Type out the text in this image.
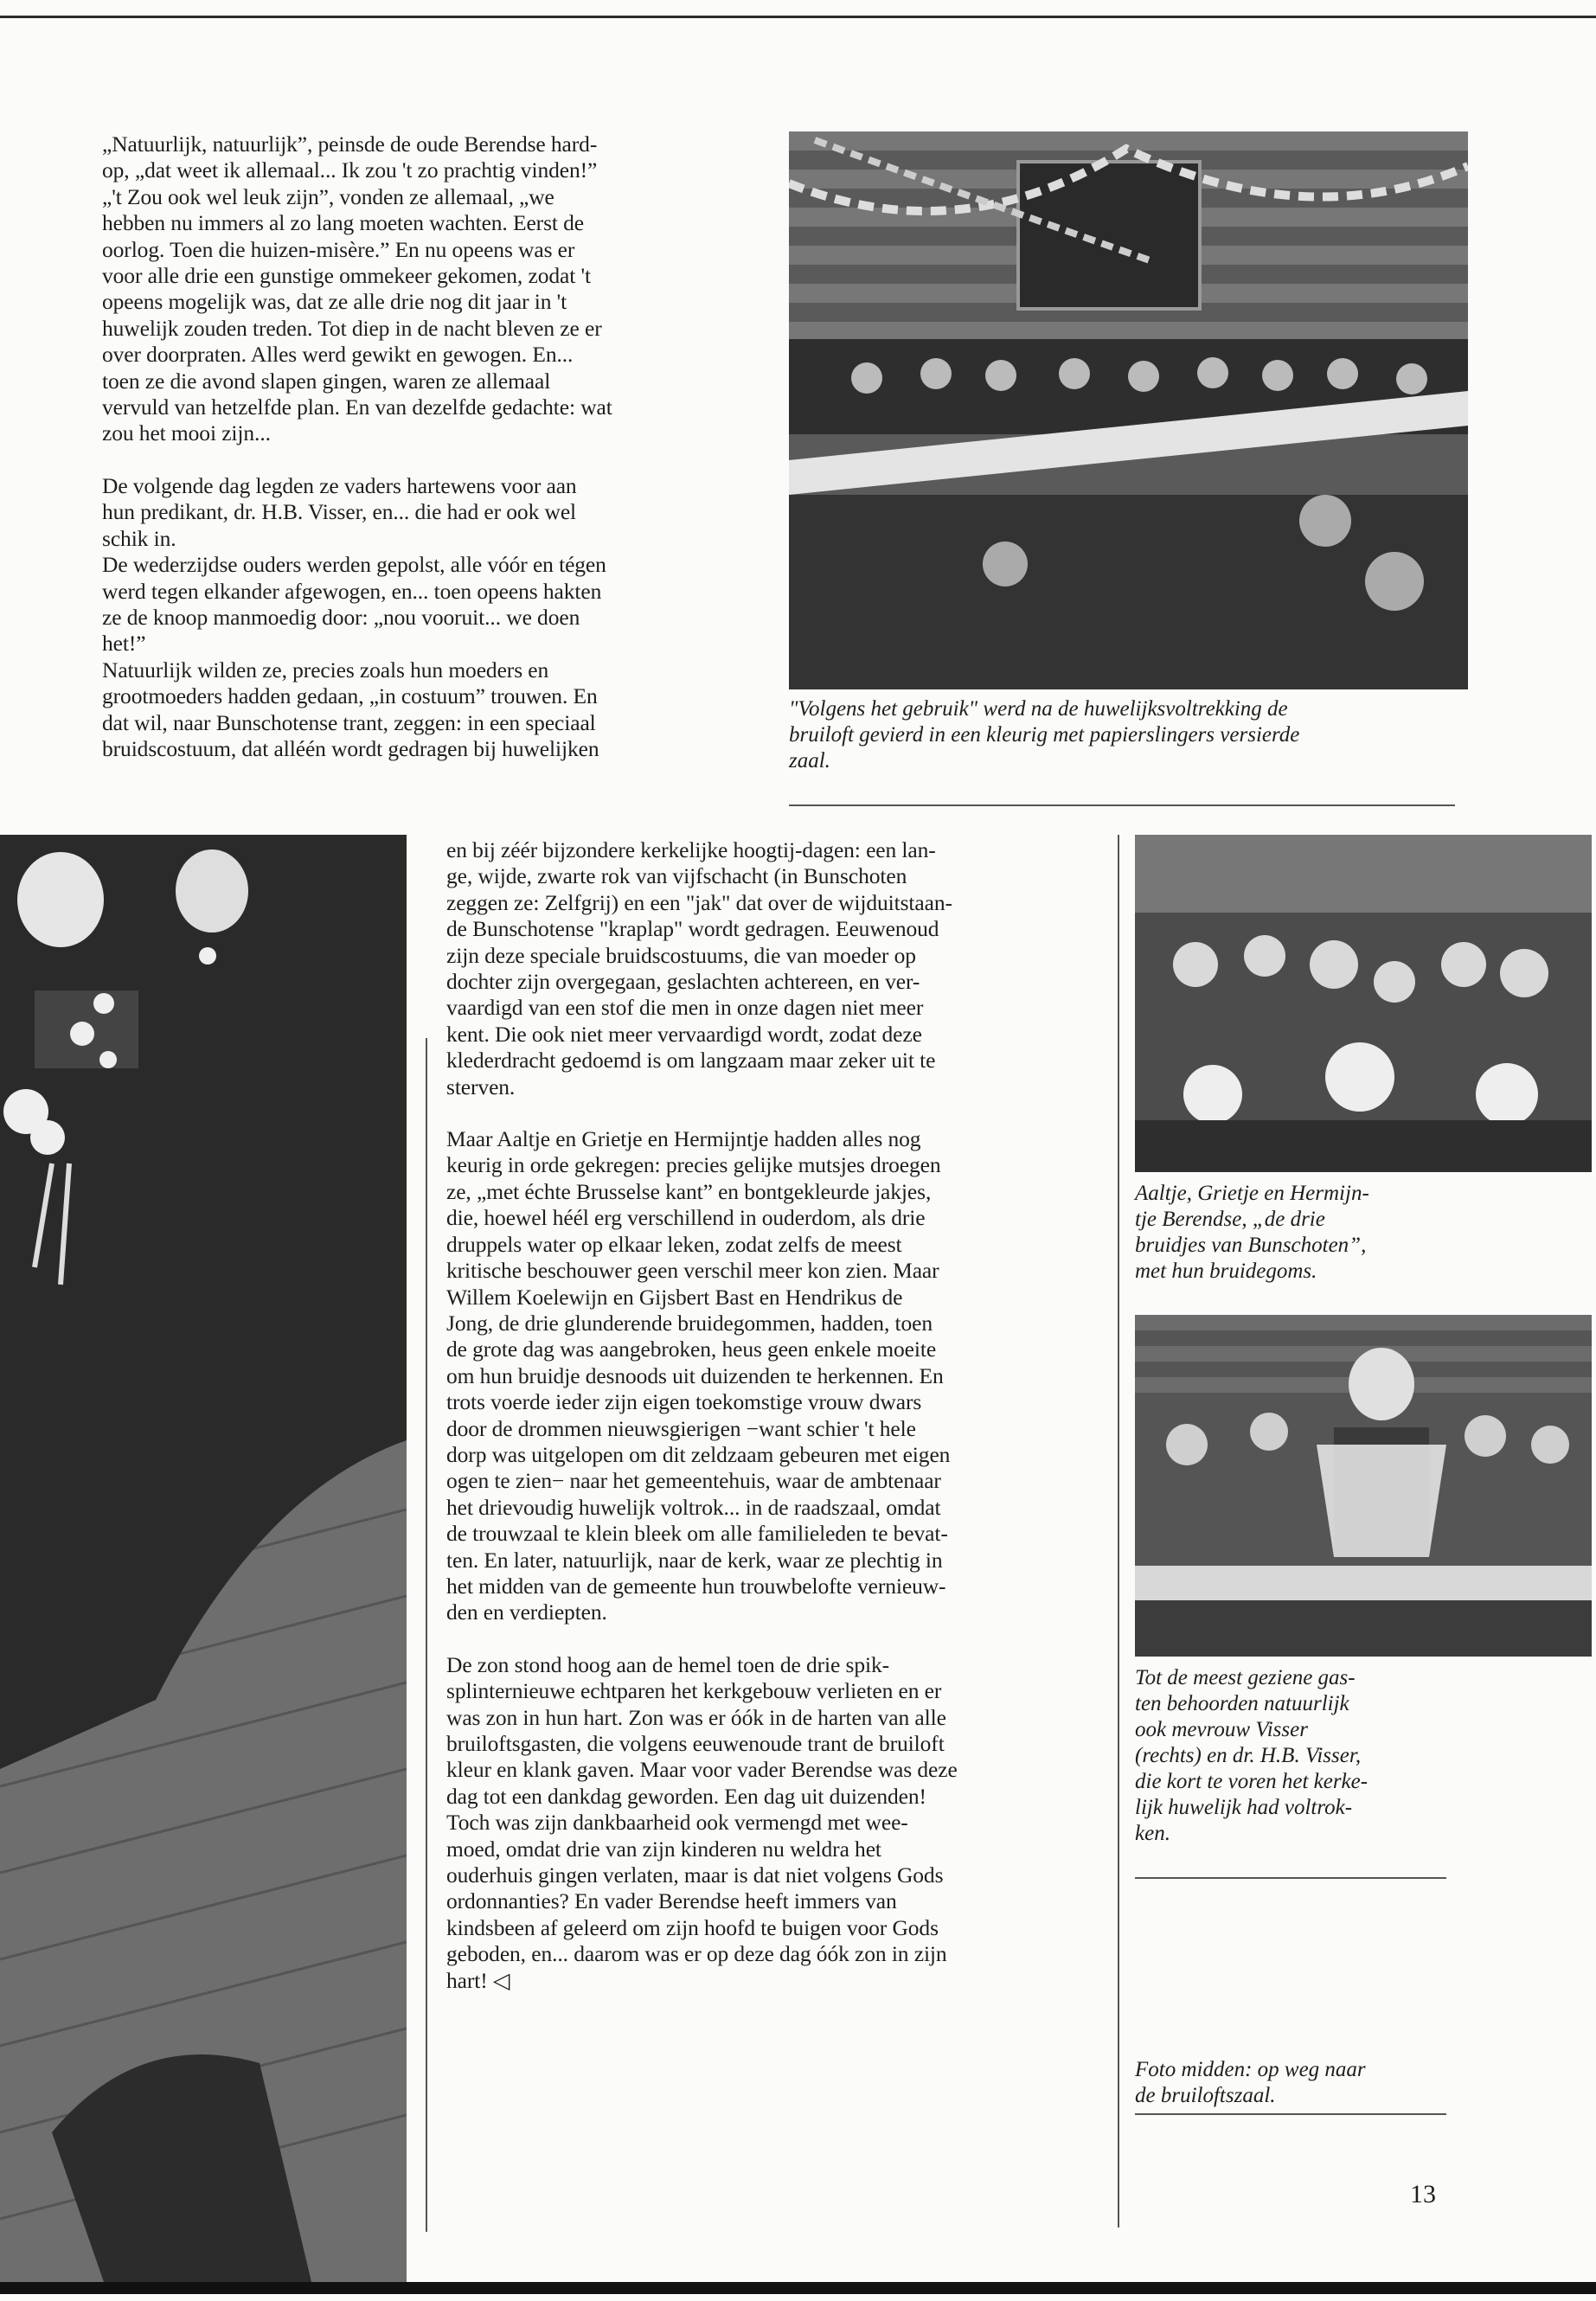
„Natuurlijk, natuurlijk”, peinsde de oude Berendse hard-
op, „dat weet ik allemaal... Ik zou 't zo prachtig vinden!”
„'t Zou ook wel leuk zijn”, vonden ze allemaal, „we
hebben nu immers al zo lang moeten wachten. Eerst de
oorlog. Toen die huizen-misère.” En nu opeens was er
voor alle drie een gunstige ommekeer gekomen, zodat 't
opeens mogelijk was, dat ze alle drie nog dit jaar in 't
huwelijk zouden treden. Tot diep in de nacht bleven ze er
over doorpraten. Alles werd gewikt en gewogen. En...
toen ze die avond slapen gingen, waren ze allemaal
vervuld van hetzelfde plan. En van dezelfde gedachte: wat
zou het mooi zijn...

De volgende dag legden ze vaders hartewens voor aan
hun predikant, dr. H.B. Visser, en... die had er ook wel
schik in.
De wederzijdse ouders werden gepolst, alle vóór en tégen
werd tegen elkander afgewogen, en... toen opeens hakten
ze de knoop manmoedig door: „nou vooruit... we doen
het!”
Natuurlijk wilden ze, precies zoals hun moeders en
grootmoeders hadden gedaan, „in costuum” trouwen. En
dat wil, naar Bunschotense trant, zeggen: in een speciaal
bruidscostuum, dat alléén wordt gedragen bij huwelijken

"Volgens het gebruik" werd na de huwelijksvoltrekking de
bruiloft gevierd in een kleurig met papierslingers versierde
zaal.

en bij zéér bijzondere kerkelijke hoogtij-dagen: een lan-
ge, wijde, zwarte rok van vijfschacht (in Bunschoten
zeggen ze: Zelfgrij) en een "jak" dat over de wijduitstaan-
de Bunschotense "kraplap" wordt gedragen. Eeuwenoud
zijn deze speciale bruidscostuums, die van moeder op
dochter zijn overgegaan, geslachten achtereen, en ver-
vaardigd van een stof die men in onze dagen niet meer
kent. Die ook niet meer vervaardigd wordt, zodat deze
klederdracht gedoemd is om langzaam maar zeker uit te
sterven.

Maar Aaltje en Grietje en Hermijntje hadden alles nog
keurig in orde gekregen: precies gelijke mutsjes droegen
ze, „met échte Brusselse kant” en bontgekleurde jakjes,
die, hoewel héél erg verschillend in ouderdom, als drie
druppels water op elkaar leken, zodat zelfs de meest
kritische beschouwer geen verschil meer kon zien. Maar
Willem Koelewijn en Gijsbert Bast en Hendrikus de
Jong, de drie glunderende bruidegommen, hadden, toen
de grote dag was aangebroken, heus geen enkele moeite
om hun bruidje desnoods uit duizenden te herkennen. En
trots voerde ieder zijn eigen toekomstige vrouw dwars
door de drommen nieuwsgierigen −want schier 't hele
dorp was uitgelopen om dit zeldzaam gebeuren met eigen
ogen te zien− naar het gemeentehuis, waar de ambtenaar
het drievoudig huwelijk voltrok... in de raadszaal, omdat
de trouwzaal te klein bleek om alle familieleden te bevat-
ten. En later, natuurlijk, naar de kerk, waar ze plechtig in
het midden van de gemeente hun trouwbelofte vernieuw-
den en verdiepten.

De zon stond hoog aan de hemel toen de drie spik-
splinternieuwe echtparen het kerkgebouw verlieten en er
was zon in hun hart. Zon was er óók in de harten van alle
bruiloftsgasten, die volgens eeuwenoude trant de bruiloft
kleur en klank gaven. Maar voor vader Berendse was deze
dag tot een dankdag geworden. Een dag uit duizenden!
Toch was zijn dankbaarheid ook vermengd met wee-
moed, omdat drie van zijn kinderen nu weldra het
ouderhuis gingen verlaten, maar is dat niet volgens Gods
ordonnanties? En vader Berendse heeft immers van
kindsbeen af geleerd om zijn hoofd te buigen voor Gods
geboden, en... daarom was er op deze dag óók zon in zijn
hart! ◁

Aaltje, Grietje en Hermijn-
tje Berendse, „de drie
bruidjes van Bunschoten”,
met hun bruidegoms.
Tot de meest geziene gas-
ten behoorden natuurlijk
ook mevrouw Visser
(rechts) en dr. H.B. Visser,
die kort te voren het kerke-
lijk huwelijk had voltrok-
ken.
Foto midden: op weg naar
de bruiloftszaal.
13
